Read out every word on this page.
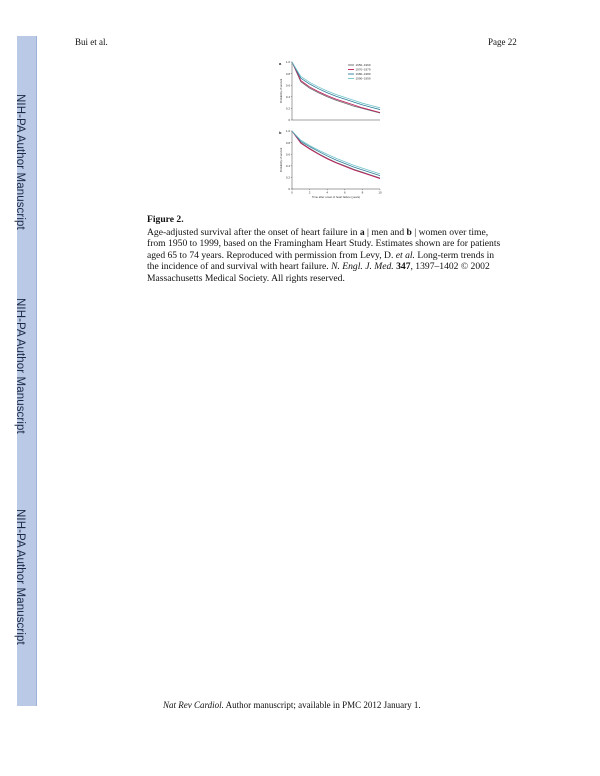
NIH-PA Author Manuscript
NIH-PA Author Manuscript
NIH-PA Author Manuscript
Bui et al.	Page 22
a
0
0.2
0.4
0.6
0.8
1.0
Probability of survival
1950–1969
1970–1979
1980–1989
1990–1999
b
0
0.2
0.4
0.6
0.8
1.0
Probability of survival
0	2	4	6	8	10
Time after onset of heart failure (years)
Figure 2.
Age-adjusted survival after the onset of heart failure in a | men and b | women over time, from 1950 to 1999, based on the Framingham Heart Study. Estimates shown are for patients aged 65 to 74 years. Reproduced with permission from Levy, D. et al. Long-term trends in the incidence of and survival with heart failure. N. Engl. J. Med. 347, 1397–1402 © 2002 Massachusetts Medical Society. All rights reserved.
Nat Rev Cardiol. Author manuscript; available in PMC 2012 January 1.
